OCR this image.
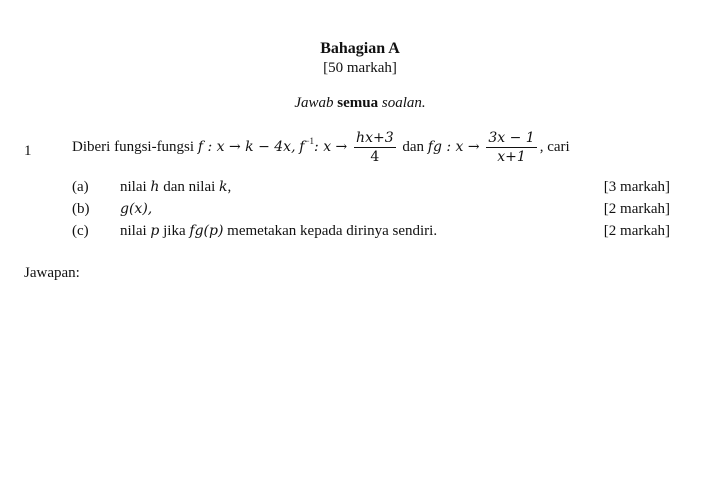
Bahagian A
[50 markah]
Jawab semua soalan.
1	Diberi fungsi-fungsi f : x → k − 4x, $f^{-1}$: $x \to \frac{hx+3}{4}$ dan fg : $x \to \frac{3x - 1}{x+1}$ , cari
(a) nilai h dan nilai k,	[3 markah]
(b) g(x),	[2 markah]
(c) nilai p jika fg(p) memetakan kepada dirinya sendiri.	[2 markah]
Jawapan:
